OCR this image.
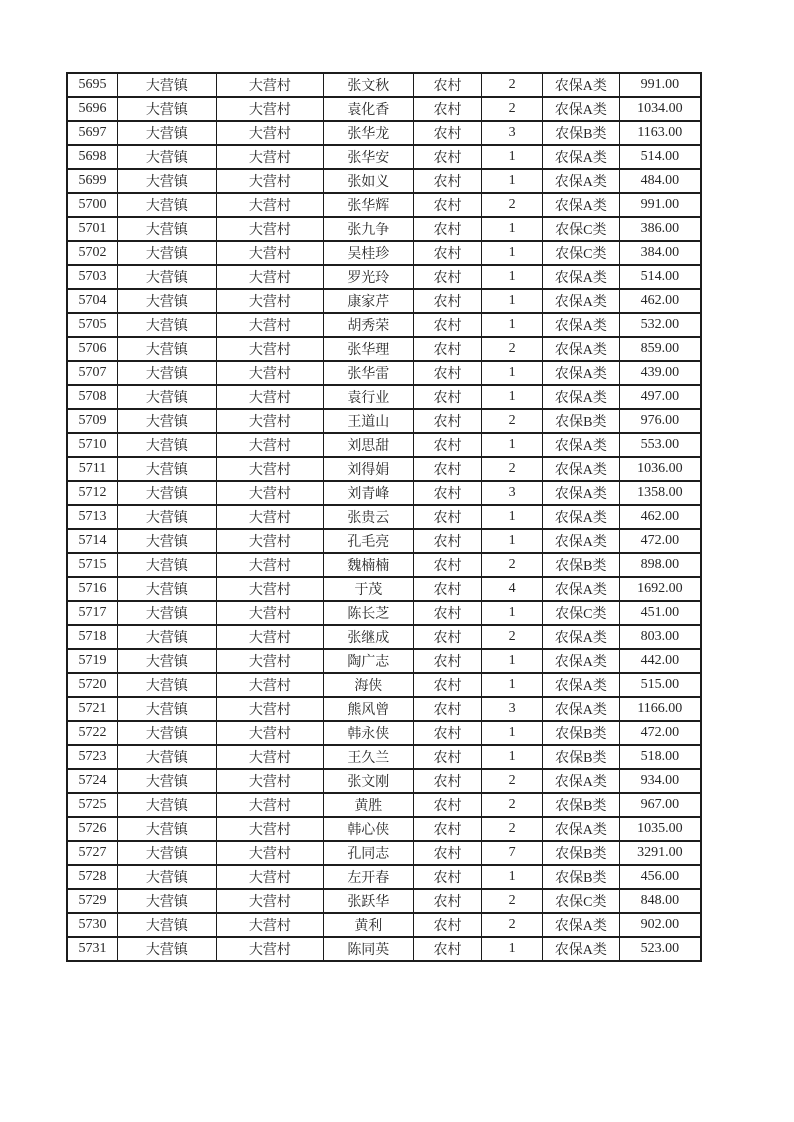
5695	大营镇	大营村	张文秋	农村	2	农保A类	991.00
5696	大营镇	大营村	袁化香	农村	2	农保A类	1034.00
5697	大营镇	大营村	张华龙	农村	3	农保B类	1163.00
5698	大营镇	大营村	张华安	农村	1	农保A类	514.00
5699	大营镇	大营村	张如义	农村	1	农保A类	484.00
5700	大营镇	大营村	张华辉	农村	2	农保A类	991.00
5701	大营镇	大营村	张九争	农村	1	农保C类	386.00
5702	大营镇	大营村	吴桂珍	农村	1	农保C类	384.00
5703	大营镇	大营村	罗光玲	农村	1	农保A类	514.00
5704	大营镇	大营村	康家芹	农村	1	农保A类	462.00
5705	大营镇	大营村	胡秀荣	农村	1	农保A类	532.00
5706	大营镇	大营村	张华理	农村	2	农保A类	859.00
5707	大营镇	大营村	张华雷	农村	1	农保A类	439.00
5708	大营镇	大营村	袁行业	农村	1	农保A类	497.00
5709	大营镇	大营村	王道山	农村	2	农保B类	976.00
5710	大营镇	大营村	刘思甜	农村	1	农保A类	553.00
5711	大营镇	大营村	刘得娟	农村	2	农保A类	1036.00
5712	大营镇	大营村	刘青峰	农村	3	农保A类	1358.00
5713	大营镇	大营村	张贵云	农村	1	农保A类	462.00
5714	大营镇	大营村	孔毛亮	农村	1	农保A类	472.00
5715	大营镇	大营村	魏楠楠	农村	2	农保B类	898.00
5716	大营镇	大营村	于茂	农村	4	农保A类	1692.00
5717	大营镇	大营村	陈长芝	农村	1	农保C类	451.00
5718	大营镇	大营村	张继成	农村	2	农保A类	803.00
5719	大营镇	大营村	陶广志	农村	1	农保A类	442.00
5720	大营镇	大营村	海侠	农村	1	农保A类	515.00
5721	大营镇	大营村	熊风曾	农村	3	农保A类	1166.00
5722	大营镇	大营村	韩永侠	农村	1	农保B类	472.00
5723	大营镇	大营村	王久兰	农村	1	农保B类	518.00
5724	大营镇	大营村	张文刚	农村	2	农保A类	934.00
5725	大营镇	大营村	黄胜	农村	2	农保B类	967.00
5726	大营镇	大营村	韩心侠	农村	2	农保A类	1035.00
5727	大营镇	大营村	孔同志	农村	7	农保B类	3291.00
5728	大营镇	大营村	左开春	农村	1	农保B类	456.00
5729	大营镇	大营村	张跃华	农村	2	农保C类	848.00
5730	大营镇	大营村	黄利	农村	2	农保A类	902.00
5731	大营镇	大营村	陈同英	农村	1	农保A类	523.00
